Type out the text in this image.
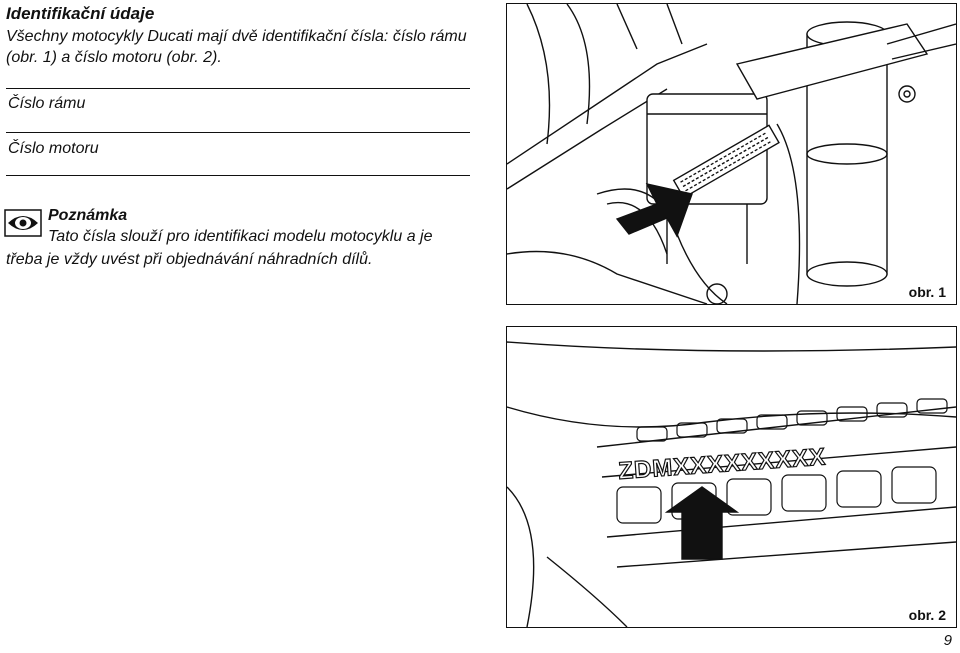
Identifikační údaje

Všechny motocykly Ducati mají dvě identifikační čísla: číslo rámu (obr. 1) a číslo motoru (obr. 2).

Číslo rámu
Číslo motoru
Poznámka
Tato čísla slouží pro identifikaci modelu motocyklu a je
třeba je vždy uvést při objednávání náhradních dílů.
obr. 1
ZDMXXXXXXXXX
obr. 2
9
